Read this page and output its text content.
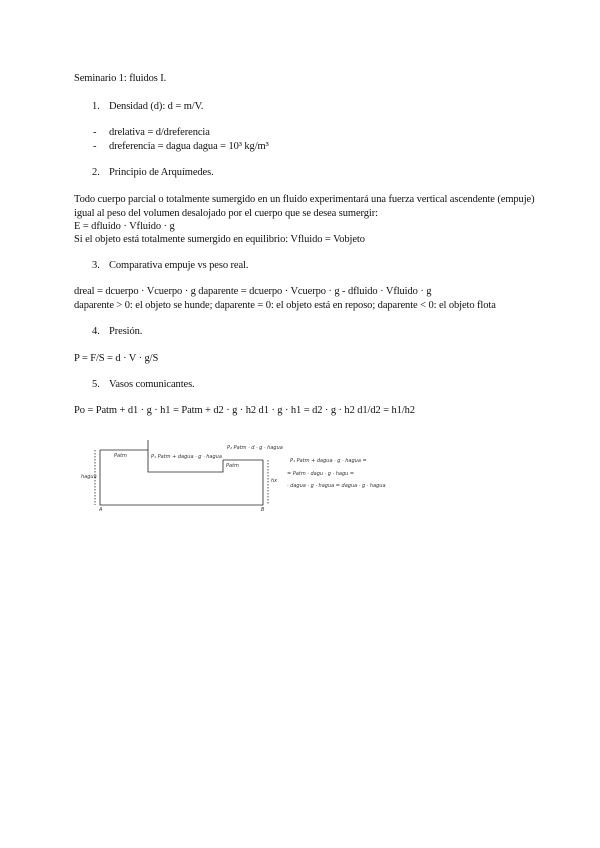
Seminario 1: fluidos I.
1. Densidad (d): d = m/V.
- drelativa = d/dreferencia
- dreferencia = dagua dagua = 10³ kg/m³
2. Principio de Arquímedes.
Todo cuerpo parcial o totalmente sumergido en un fluido experimentará una fuerza vertical ascendente (empuje)
igual al peso del volumen desalojado por el cuerpo que se desea sumergir:
E = dfluido · Vfluido · g
Si el objeto está totalmente sumergido en equilibrio: Vfluido = Vobjeto
3. Comparativa empuje vs peso real.
dreal = dcuerpo · Vcuerpo · g daparente = dcuerpo · Vcuerpo · g - dfluido · Vfluido · g
daparente > 0: el objeto se hunde; daparente = 0: el objeto está en reposo; daparente < 0: el objeto flota
4. Presión.
P = F/S = d · V · g/S
5. Vasos comunicantes.
Po = Patm + d1 · g · h1 = Patm + d2 · g · h2 d1 · g · h1 = d2 · g · h2 d1/d2 = h1/h2
Patm	P₁ Patm + dagua · g · hagua
P₂ Patm · d · g · hagua
Patm
hagua
hx
A	B
P₁ Patm + dagua · g · hagua =
= Patm · dagu · g · hagu =
· dagua · g · hagua = dagua · g · hagua
